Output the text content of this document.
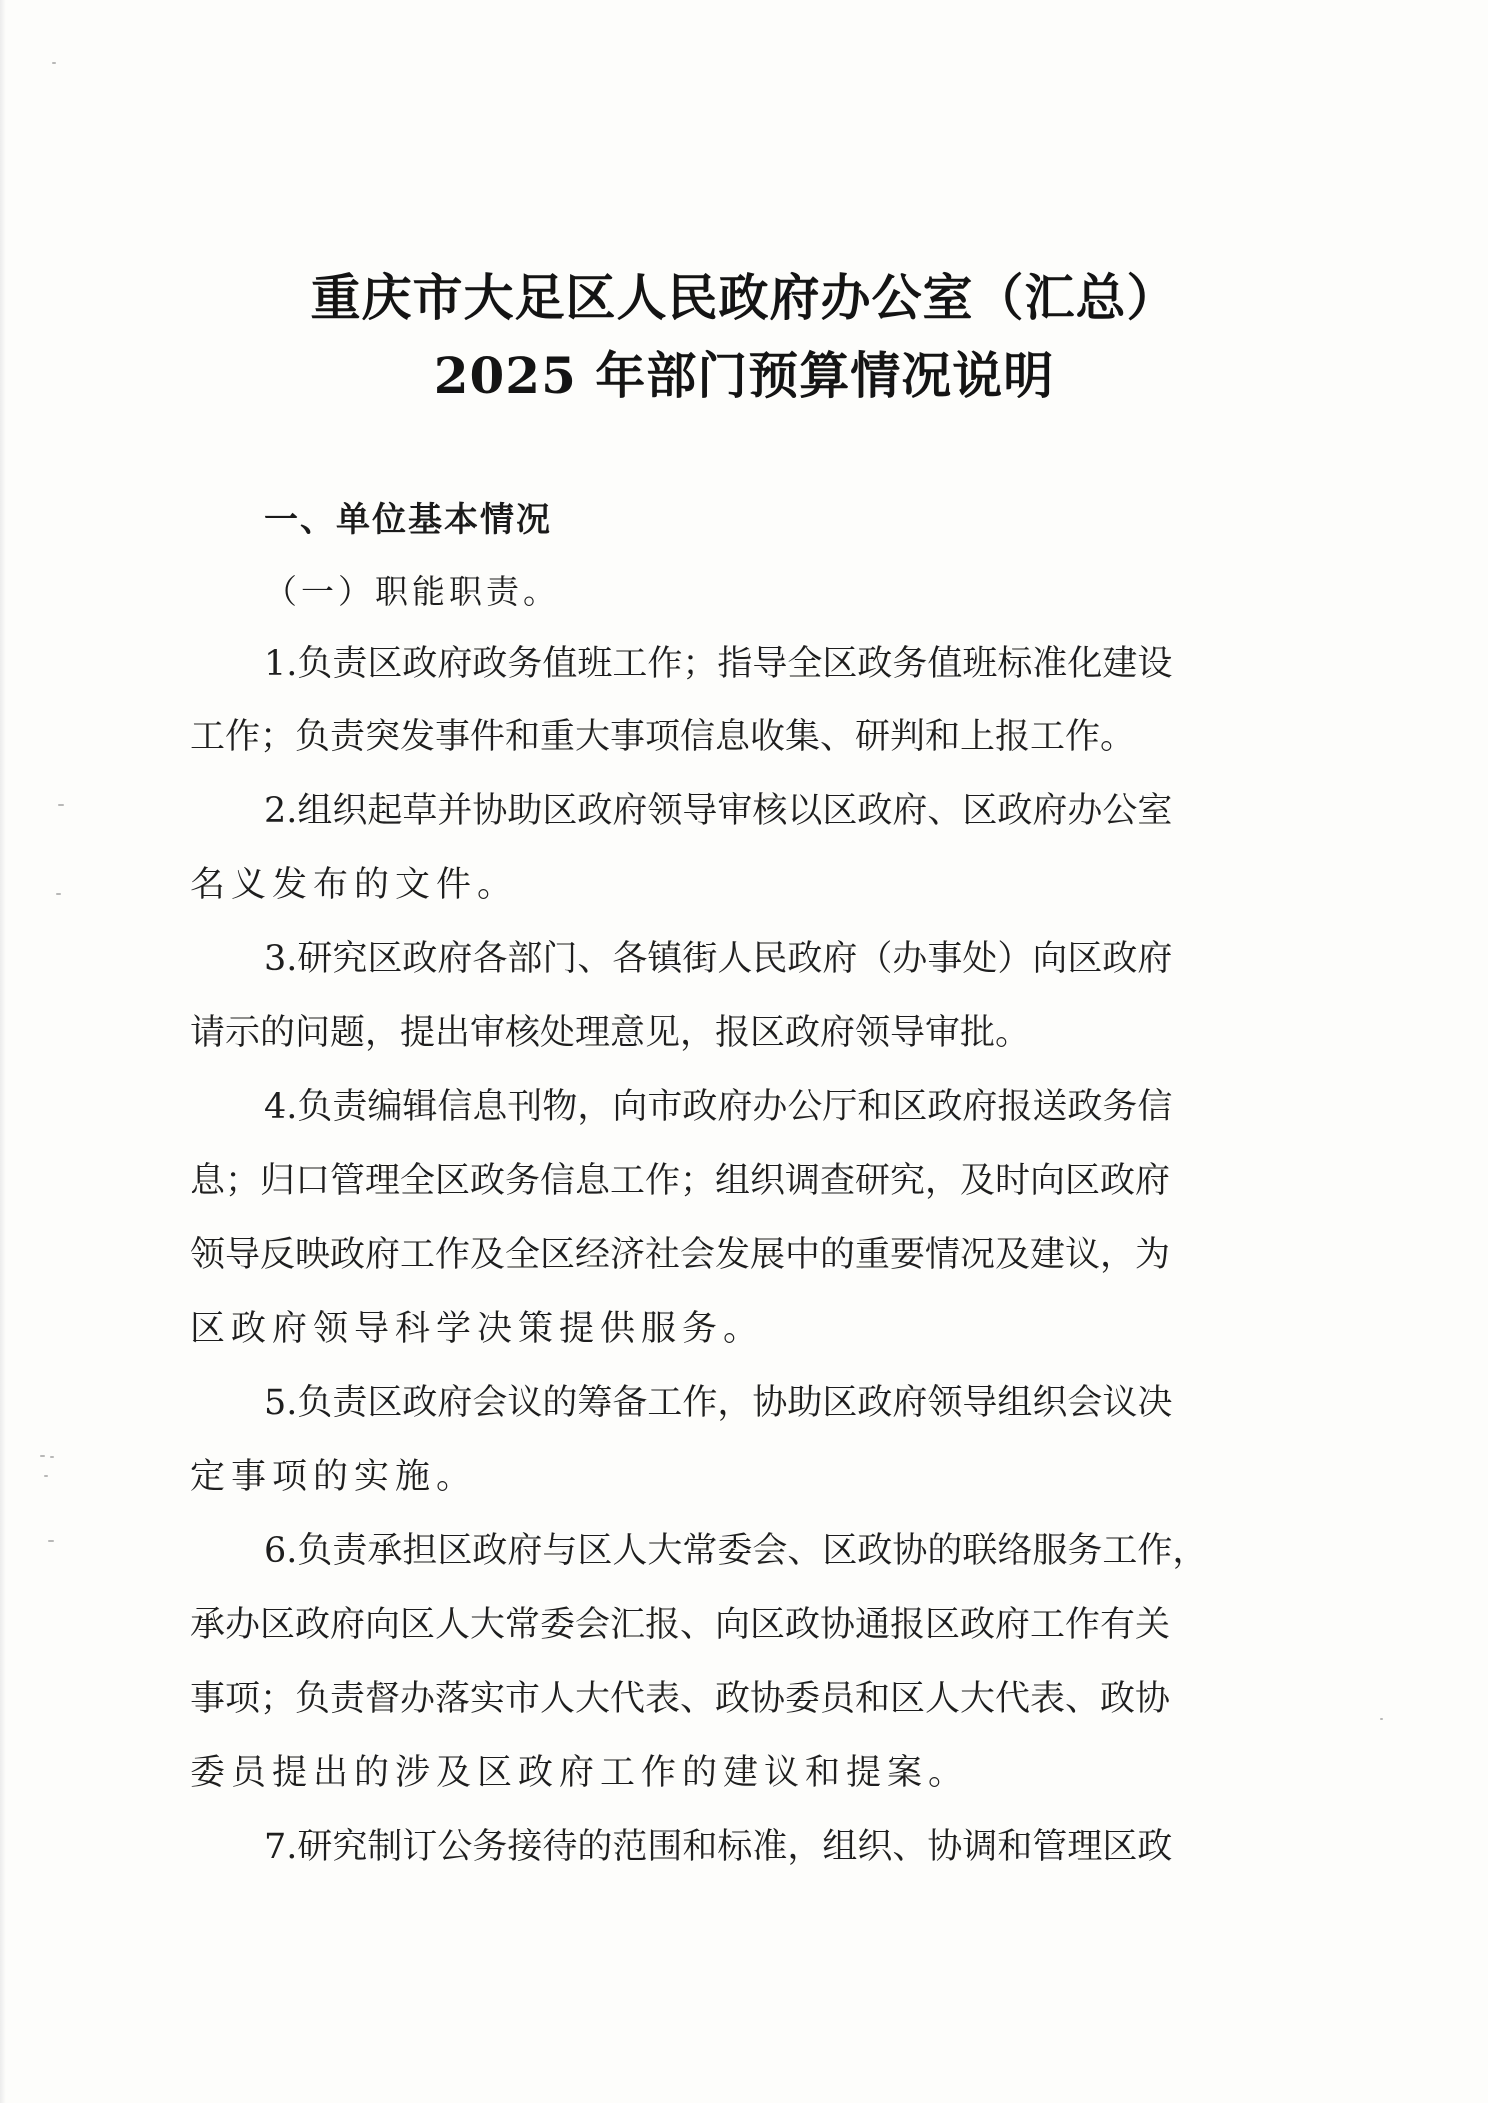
重庆市大足区人民政府办公室（汇总）
2025 年部门预算情况说明
一、单位基本情况
（一）职能职责。
1.负责区政府政务值班工作；指导全区政务值班标准化建设
工作；负责突发事件和重大事项信息收集、研判和上报工作。
2.组织起草并协助区政府领导审核以区政府、区政府办公室
名义发布的文件。
3.研究区政府各部门、各镇街人民政府（办事处）向区政府
请示的问题，提出审核处理意见，报区政府领导审批。
4.负责编辑信息刊物，向市政府办公厅和区政府报送政务信
息；归口管理全区政务信息工作；组织调查研究，及时向区政府
领导反映政府工作及全区经济社会发展中的重要情况及建议，为
区政府领导科学决策提供服务。
5.负责区政府会议的筹备工作，协助区政府领导组织会议决
定事项的实施。
6.负责承担区政府与区人大常委会、区政协的联络服务工作，
承办区政府向区人大常委会汇报、向区政协通报区政府工作有关
事项；负责督办落实市人大代表、政协委员和区人大代表、政协
委员提出的涉及区政府工作的建议和提案。
7.研究制订公务接待的范围和标准，组织、协调和管理区政
